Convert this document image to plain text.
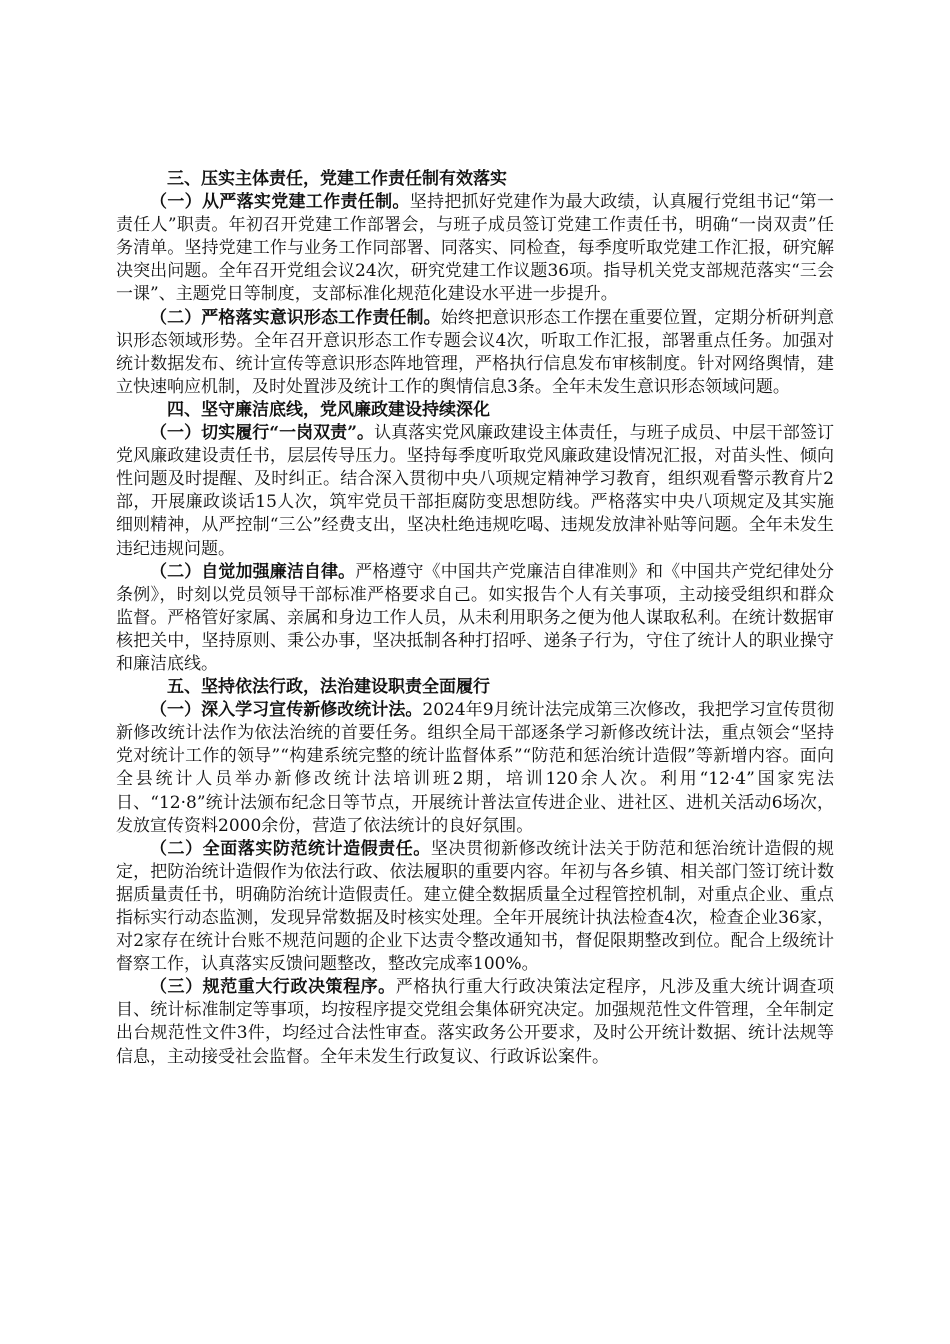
三、压实主体责任，党建工作责任制有效落实

（一）从严落实党建工作责任制。坚持把抓好党建作为最大政绩，认真履行党组书记“第一责任人”职责。年初召开党建工作部署会，与班子成员签订党建工作责任书，明确“一岗双责”任务清单。坚持党建工作与业务工作同部署、同落实、同检查，每季度听取党建工作汇报，研究解决突出问题。全年召开党组会议24次，研究党建工作议题36项。指导机关党支部规范落实“三会一课”、主题党日等制度，支部标准化规范化建设水平进一步提升。

（二）严格落实意识形态工作责任制。始终把意识形态工作摆在重要位置，定期分析研判意识形态领域形势。全年召开意识形态工作专题会议4次，听取工作汇报，部署重点任务。加强对统计数据发布、统计宣传等意识形态阵地管理，严格执行信息发布审核制度。针对网络舆情，建立快速响应机制，及时处置涉及统计工作的舆情信息3条。全年未发生意识形态领域问题。

四、坚守廉洁底线，党风廉政建设持续深化

（一）切实履行“一岗双责”。认真落实党风廉政建设主体责任，与班子成员、中层干部签订党风廉政建设责任书，层层传导压力。坚持每季度听取党风廉政建设情况汇报，对苗头性、倾向性问题及时提醒、及时纠正。结合深入贯彻中央八项规定精神学习教育，组织观看警示教育片2部，开展廉政谈话15人次，筑牢党员干部拒腐防变思想防线。严格落实中央八项规定及其实施细则精神，从严控制“三公”经费支出，坚决杜绝违规吃喝、违规发放津补贴等问题。全年未发生违纪违规问题。

（二）自觉加强廉洁自律。严格遵守《中国共产党廉洁自律准则》和《中国共产党纪律处分条例》，时刻以党员领导干部标准严格要求自己。如实报告个人有关事项，主动接受组织和群众监督。严格管好家属、亲属和身边工作人员，从未利用职务之便为他人谋取私利。在统计数据审核把关中，坚持原则、秉公办事，坚决抵制各种打招呼、递条子行为，守住了统计人的职业操守和廉洁底线。

五、坚持依法行政，法治建设职责全面履行

（一）深入学习宣传新修改统计法。2024年9月统计法完成第三次修改，我把学习宣传贯彻新修改统计法作为依法治统的首要任务。组织全局干部逐条学习新修改统计法，重点领会“坚持党对统计工作的领导”“构建系统完整的统计监督体系”“防范和惩治统计造假”等新增内容。面向全县统计人员举办新修改统计法培训班2期，培训120余人次。利用“12·4”国家宪法日、“12·8”统计法颁布纪念日等节点，开展统计普法宣传进企业、进社区、进机关活动6场次，发放宣传资料2000余份，营造了依法统计的良好氛围。

（二）全面落实防范统计造假责任。坚决贯彻新修改统计法关于防范和惩治统计造假的规定，把防治统计造假作为依法行政、依法履职的重要内容。年初与各乡镇、相关部门签订统计数据质量责任书，明确防治统计造假责任。建立健全数据质量全过程管控机制，对重点企业、重点指标实行动态监测，发现异常数据及时核实处理。全年开展统计执法检查4次，检查企业36家，对2家存在统计台账不规范问题的企业下达责令整改通知书，督促限期整改到位。配合上级统计督察工作，认真落实反馈问题整改，整改完成率100%。

（三）规范重大行政决策程序。严格执行重大行政决策法定程序，凡涉及重大统计调查项目、统计标准制定等事项，均按程序提交党组会集体研究决定。加强规范性文件管理，全年制定出台规范性文件3件，均经过合法性审查。落实政务公开要求，及时公开统计数据、统计法规等信息，主动接受社会监督。全年未发生行政复议、行政诉讼案件。
